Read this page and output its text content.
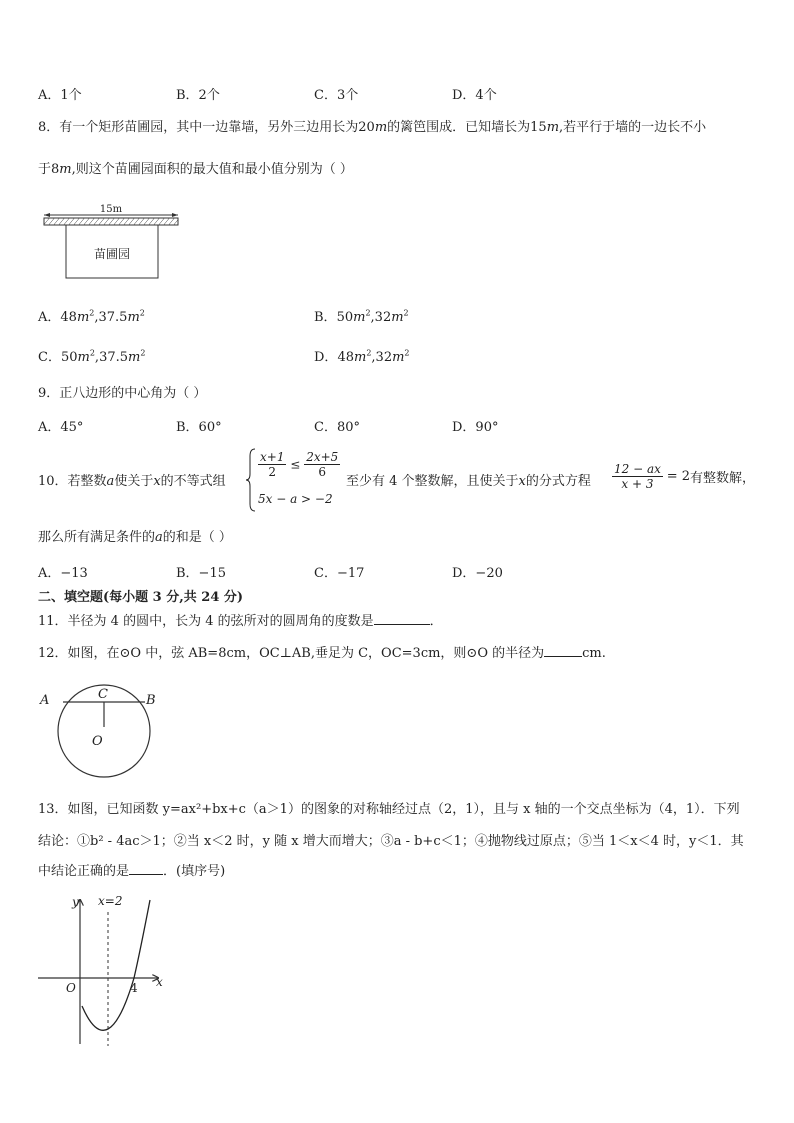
A．1个	B．2个	C．3个	D．4个
8．有一个矩形苗圃园，其中一边靠墙，另外三边用长为20m的篱笆围成．已知墙长为15m,若平行于墙的一边长不小
于8m,则这个苗圃园面积的最大值和最小值分别为（ ）
15m
苗圃园
A．$48m^2,37.5m^2$	B．$50m^2,32m^2$
C．$50m^2,37.5m^2$	D．$48m^2,32m^2$
9．正八边形的中心角为（ ）
A．45°	B．60°	C．80°	D．90°
10．若整数a使关于x的不等式组
$\frac{x+1}{2} \le \frac{2x+5}{6}$
5x − a > −2
至少有 4 个整数解，且使关于x的分式方程 $\frac{12 - ax}{x + 3} = 2$有整数解，
那么所有满足条件的a的和是（ ）
A．−13	B．−15	C．−17	D．−20
二、填空题(每小题 3 分,共 24 分)
11．半径为 4 的圆中，长为 4 的弦所对的圆周角的度数是	．
12．如图，在⊙O 中，弦 AB=8cm，OC⊥AB,垂足为 C，OC=3cm，则⊙O 的半径为	cm.
A	B
C
O
13．如图，已知函数 y=ax²+bx+c（a＞1）的图象的对称轴经过点（2，1），且与 x 轴的一个交点坐标为（4，1）．下列
结论：①b² - 4ac＞1；②当 x＜2 时，y 随 x 增大而增大；③a - b+c＜1；④抛物线过原点；⑤当 1＜x＜4 时，y＜1．其
中结论正确的是	．(填序号)
y
x
x=2
O	4
